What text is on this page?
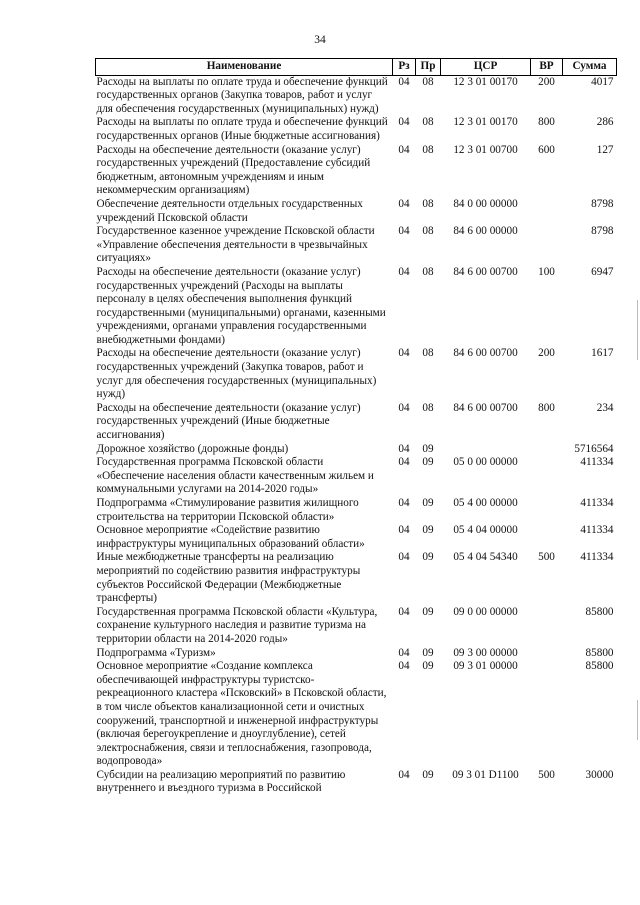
34
Наименование	Рз	Пр	ЦСР	ВР	Сумма
Расходы на выплаты по оплате труда и обеспечение функций государственных органов (Закупка товаров, работ и услуг для обеспечения государственных (муниципальных) нужд)	04	08	12 3 01 00170	200	4017
Расходы на выплаты по оплате труда и обеспечение функций государственных органов (Иные бюджетные ассигнования)	04	08	12 3 01 00170	800	286
Расходы на обеспечение деятельности (оказание услуг) государственных учреждений (Предоставление субсидий бюджетным, автономным учреждениям и иным некоммерческим организациям)	04	08	12 3 01 00700	600	127
Обеспечение деятельности отдельных государственных учреждений Псковской области	04	08	84 0 00 00000		8798
Государственное казенное учреждение Псковской области «Управление обеспечения деятельности в чрезвычайных ситуациях»	04	08	84 6 00 00000		8798
Расходы на обеспечение деятельности (оказание услуг) государственных учреждений (Расходы на выплаты персоналу в целях обеспечения выполнения функций государственными (муниципальными) органами, казенными учреждениями, органами управления государственными внебюджетными фондами)	04	08	84 6 00 00700	100	6947
Расходы на обеспечение деятельности (оказание услуг) государственных учреждений (Закупка товаров, работ и услуг для обеспечения государственных (муниципальных) нужд)	04	08	84 6 00 00700	200	1617
Расходы на обеспечение деятельности (оказание услуг) государственных учреждений (Иные бюджетные ассигнования)	04	08	84 6 00 00700	800	234
Дорожное хозяйство (дорожные фонды)	04	09			5716564
Государственная программа Псковской области «Обеспечение населения области качественным жильем и коммунальными услугами на 2014-2020 годы»	04	09	05 0 00 00000		411334
Подпрограмма «Стимулирование развития жилищного строительства на территории Псковской области»	04	09	05 4 00 00000		411334
Основное мероприятие «Содействие развитию инфраструктуры муниципальных образований области»	04	09	05 4 04 00000		411334
Иные межбюджетные трансферты на реализацию мероприятий по содействию развития инфраструктуры субъектов Российской Федерации (Межбюджетные трансферты)	04	09	05 4 04 54340	500	411334
Государственная программа Псковской области «Культура, сохранение культурного наследия и развитие туризма на территории области на 2014-2020 годы»	04	09	09 0 00 00000		85800
Подпрограмма «Туризм»	04	09	09 3 00 00000		85800
Основное мероприятие «Создание комплекса обеспечивающей инфраструктуры туристско-рекреационного кластера «Псковский» в Псковской области, в том числе объектов канализационной сети и очистных сооружений, транспортной и инженерной инфраструктуры (включая берегоукрепление и дноуглубление), сетей электроснабжения, связи и теплоснабжения, газопровода, водопровода»	04	09	09 3 01 00000		85800
Субсидии на реализацию мероприятий по развитию внутреннего и въездного туризма в Российской	04	09	09 3 01 D1100	500	30000
